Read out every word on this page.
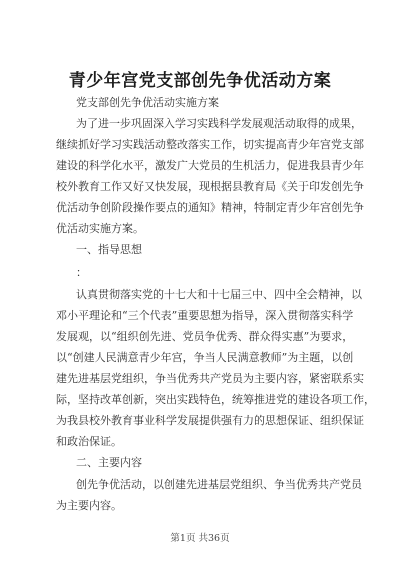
青少年宫党支部创先争优活动方案
党支部创先争优活动实施方案
为了进一步巩固深入学习实践科学发展观活动取得的成果，
继续抓好学习实践活动整改落实工作，切实提高青少年宫党支部
建设的科学化水平，激发广大党员的生机活力，促进我县青少年
校外教育工作又好又快发展，现根据县教育局《关于印发创先争
优活动争创阶段操作要点的通知》精神，特制定青少年宫创先争
优活动实施方案。
一、指导思想
：
认真贯彻落实党的十七大和十七届三中、四中全会精神，以
邓小平理论和“三个代表”重要思想为指导，深入贯彻落实科学
发展观，以“组织创先进、党员争优秀、群众得实惠”为要求，
以“创建人民满意青少年宫，争当人民满意教师”为主题，以创
建先进基层党组织，争当优秀共产党员为主要内容，紧密联系实
际，坚持改革创新，突出实践特色，统筹推进党的建设各项工作，
为我县校外教育事业科学发展提供强有力的思想保证、组织保证
和政治保证。
二、主要内容
创先争优活动，以创建先进基层党组织、争当优秀共产党员
为主要内容。
第1页 共36页
